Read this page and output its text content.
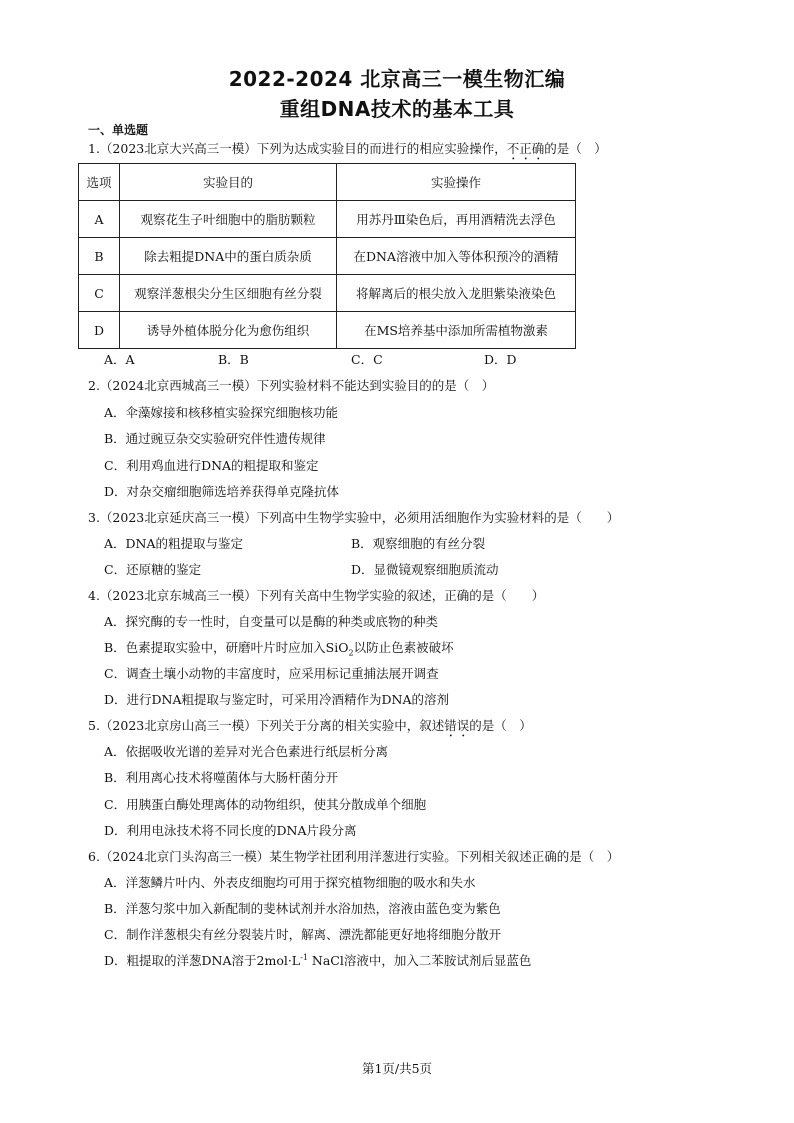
2022-2024 北京高三一模生物汇编
重组DNA技术的基本工具
一、单选题
1.（2023北京大兴高三一模）下列为达成实验目的而进行的相应实验操作，不正确的是（　）
选项	实验目的	实验操作
A	观察花生子叶细胞中的脂肪颗粒	用苏丹Ⅲ染色后，再用酒精洗去浮色
B	除去粗提DNA中的蛋白质杂质	在DNA溶液中加入等体积预冷的酒精
C	观察洋葱根尖分生区细胞有丝分裂	将解离后的根尖放入龙胆紫染液染色
D	诱导外植体脱分化为愈伤组织	在MS培养基中添加所需植物激素
A．A	B．B	C．C	D．D
2.（2024北京西城高三一模）下列实验材料不能达到实验目的的是（　）
A．伞藻嫁接和核移植实验探究细胞核功能
B．通过豌豆杂交实验研究伴性遗传规律
C．利用鸡血进行DNA的粗提取和鉴定
D．对杂交瘤细胞筛选培养获得单克隆抗体
3.（2023北京延庆高三一模）下列高中生物学实验中，必须用活细胞作为实验材料的是（　　）
A．DNA的粗提取与鉴定	B．观察细胞的有丝分裂
C．还原糖的鉴定	D．显微镜观察细胞质流动
4.（2023北京东城高三一模）下列有关高中生物学实验的叙述，正确的是（　　）
A．探究酶的专一性时，自变量可以是酶的种类或底物的种类
B．色素提取实验中，研磨叶片时应加入SiO$_2$以防止色素被破坏
C．调查土壤小动物的丰富度时，应采用标记重捕法展开调查
D．进行DNA粗提取与鉴定时，可采用冷酒精作为DNA的溶剂
5.（2023北京房山高三一模）下列关于分离的相关实验中，叙述错误的是（　）
A．依据吸收光谱的差异对光合色素进行纸层析分离
B．利用离心技术将噬菌体与大肠杆菌分开
C．用胰蛋白酶处理离体的动物组织，使其分散成单个细胞
D．利用电泳技术将不同长度的DNA片段分离
6.（2024北京门头沟高三一模）某生物学社团利用洋葱进行实验。下列相关叙述正确的是（　）
A．洋葱鳞片叶内、外表皮细胞均可用于探究植物细胞的吸水和失水
B．洋葱匀浆中加入新配制的斐林试剂并水浴加热，溶液由蓝色变为紫色
C．制作洋葱根尖有丝分裂装片时，解离、漂洗都能更好地将细胞分散开
D．粗提取的洋葱DNA溶于$2mol\cdot L^{-1}$ NaCl溶液中，加入二苯胺试剂后显蓝色
第1页/共5页
